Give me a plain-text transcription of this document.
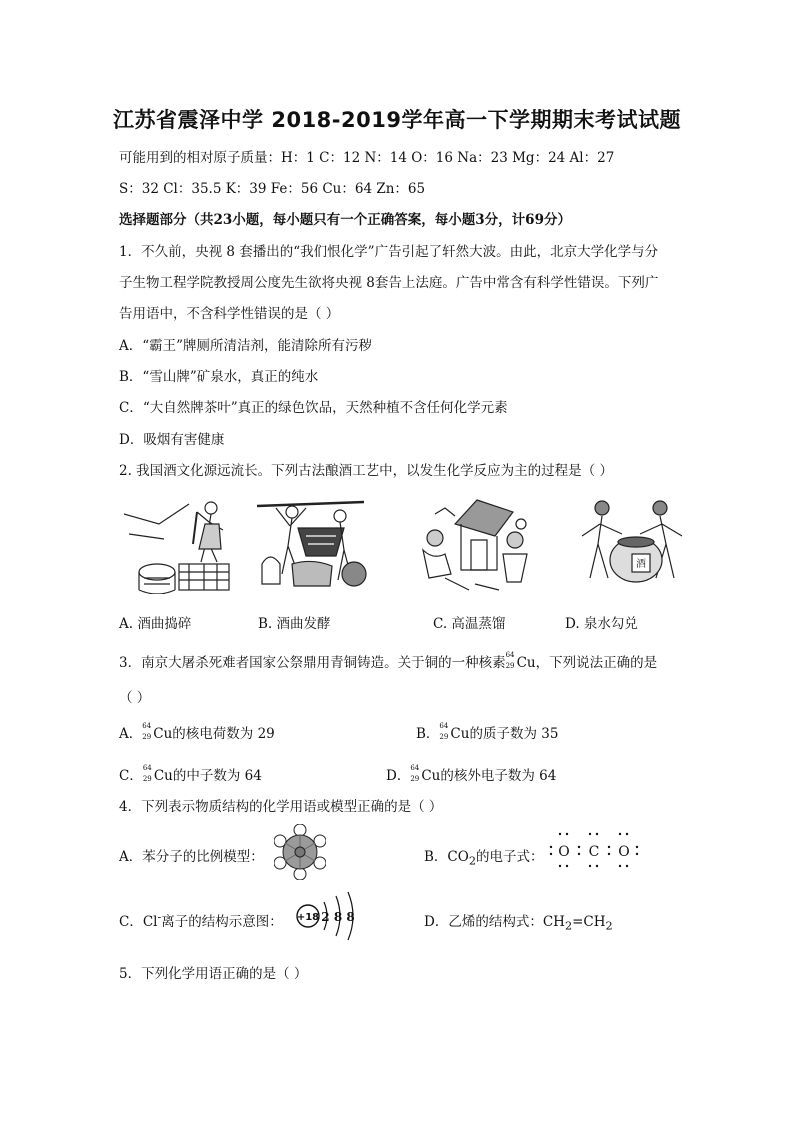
江苏省震泽中学 2018-2019学年高一下学期期末考试试题
可能用到的相对原子质量：H：1 C：12 N：14 O：16 Na：23 Mg：24 Al：27
S：32 Cl：35.5 K：39 Fe：56 Cu：64 Zn：65
选择题部分（共23小题，每小题只有一个正确答案，每小题3分，计69分）
1．不久前，央视 8 套播出的“我们恨化学”广告引起了轩然大波。由此，北京大学化学与分
子生物工程学院教授周公度先生欲将央视 8套告上法庭。广告中常含有科学性错误。下列广
告用语中，不含科学性错误的是（ ）
A．“霸王”牌厕所清洁剂，能清除所有污秽
B．“雪山牌”矿泉水，真正的纯水
C．“大自然牌茶叶”真正的绿色饮品，天然种植不含任何化学元素
D．吸烟有害健康
2. 我国酒文化源远流长。下列古法酿酒工艺中，以发生化学反应为主的过程是（ ）
酒
A. 酒曲捣碎	B. 酒曲发酵	C. 高温蒸馏	D. 泉水勾兑
3．南京大屠杀死难者国家公祭鼎用青铜铸造。关于铜的一种核素 64
29 Cu，下列说法正确的是
（ ）
A． 64
29 Cu的核电荷数为 29	B． 64
29 Cu的质子数为 35
C． 64
29 Cu的中子数为 64	D． 64
29 Cu的核外电子数为 64
4．下列表示物质结构的化学用语或模型正确的是（ ）
A．苯分子的比例模型：	B．$CO_2$的电子式： O C O
C．Cl-离子的结构示意图： +18 2 8 8	D．乙烯的结构式：$CH_2=CH_2$
5．下列化学用语正确的是（ ）
